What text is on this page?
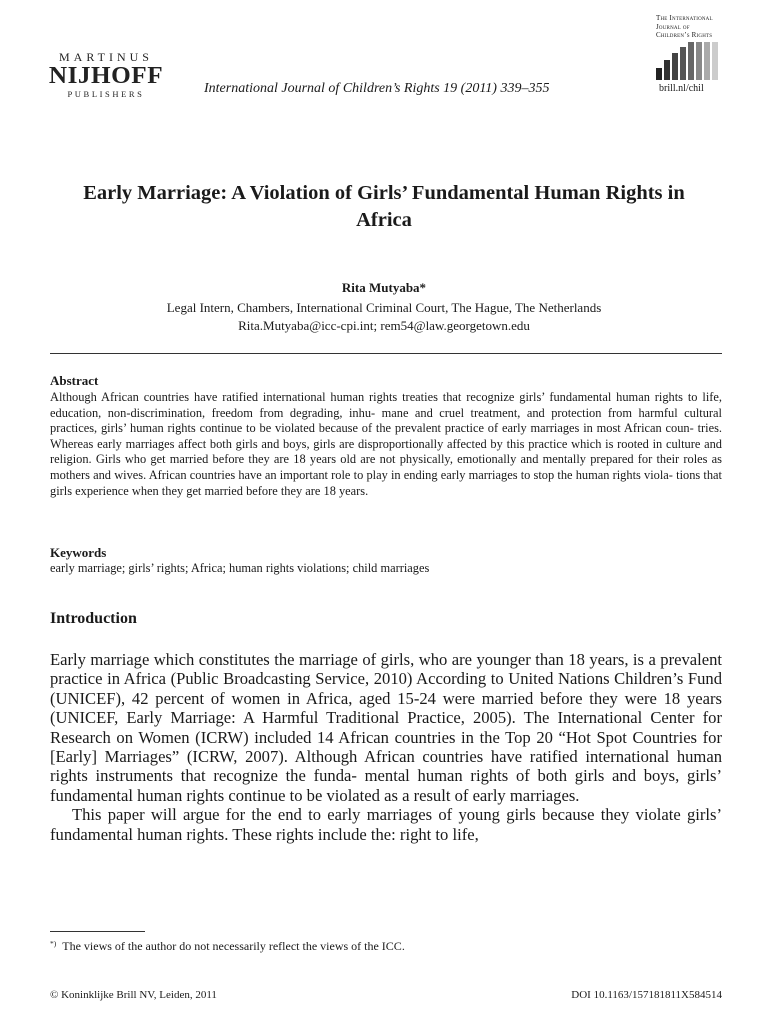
MARTINUS
NIJHOFF
PUBLISHERS	International Journal of Children’s Rights 19 (2011) 339–355
The International
Journal of
Children’s Rights
brill.nl/chil
Early Marriage: A Violation of Girls’ Fundamental Human Rights in Africa
Rita Mutyaba*
Legal Intern, Chambers, International Criminal Court, The Hague, The Netherlands
Rita.Mutyaba@icc-cpi.int; rem54@law.georgetown.edu
Abstract
Although African countries have ratified international human rights treaties that recognize girls’ fundamental human rights to life, education, non-discrimination, freedom from degrading, inhu- mane and cruel treatment, and protection from harmful cultural practices, girls’ human rights continue to be violated because of the prevalent practice of early marriages in most African coun- tries. Whereas early marriages affect both girls and boys, girls are disproportionally affected by this practice which is rooted in culture and religion. Girls who get married before they are 18 years old are not physically, emotionally and mentally prepared for their roles as mothers and wives. African countries have an important role to play in ending early marriages to stop the human rights viola- tions that girls experience when they get married before they are 18 years.
Keywords
early marriage; girls’ rights; Africa; human rights violations; child marriages
Introduction

Early marriage which constitutes the marriage of girls, who are younger than 18 years, is a prevalent practice in Africa (Public Broadcasting Service, 2010) According to United Nations Children’s Fund (UNICEF), 42 percent of women in Africa, aged 15-24 were married before they were 18 years (UNICEF, Early Marriage: A Harmful Traditional Practice, 2005). The International Center for Research on Women (ICRW) included 14 African countries in the Top 20 “Hot Spot Countries for [Early] Marriages” (ICRW, 2007). Although African countries have ratified international human rights instruments that recognize the funda- mental human rights of both girls and boys, girls’ fundamental human rights continue to be violated as a result of early marriages.

This paper will argue for the end to early marriages of young girls because they violate girls’ fundamental human rights. These rights include the: right to life,

*) The views of the author do not necessarily reflect the views of the ICC.
© Koninklijke Brill NV, Leiden, 2011	DOI 10.1163/157181811X584514
